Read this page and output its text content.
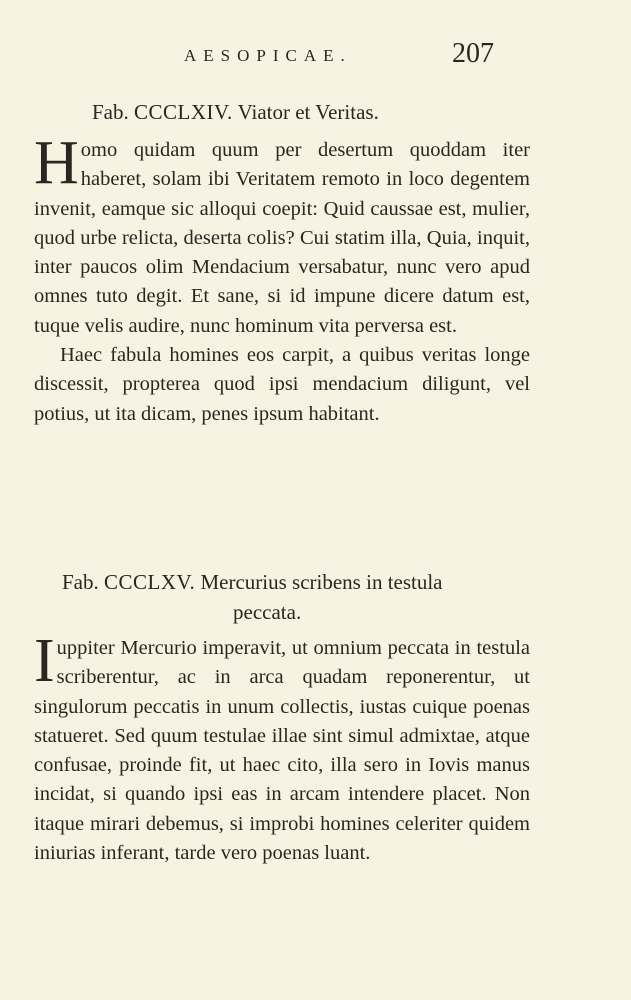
AESOPICAE.	207
Fab. CCCLXIV. Viator et Veritas.
Homo quidam quum per desertum quoddam iter haberet, solam ibi Veritatem remoto in loco degentem invenit, eamque sic alloqui coepit: Quid caussae est, mulier, quod urbe relicta, deserta colis? Cui statim illa, Quia, inquit, inter paucos olim Mendacium versabatur, nunc vero apud omnes tuto degit. Et sane, si id impune dicere datum est, tuque velis audire, nunc hominum vita perversa est.
Haec fabula homines eos carpit, a quibus veritas longe discessit, propterea quod ipsi mendacium diligunt, vel potius, ut ita dicam, penes ipsum habitant.
Fab. CCCLXV. Mercurius scribens in testula
peccata.
Iuppiter Mercurio imperavit, ut omnium peccata in testula scriberentur, ac in arca quadam reponerentur, ut singulorum peccatis in unum collectis, iustas cuique poenas statueret. Sed quum testulae illae sint simul admixtae, atque confusae, proinde fit, ut haec cito, illa sero in Iovis manus incidat, si quando ipsi eas in arcam intendere placet. Non itaque mirari debemus, si improbi homines celeriter quidem iniurias inferant, tarde vero poenas luant.
